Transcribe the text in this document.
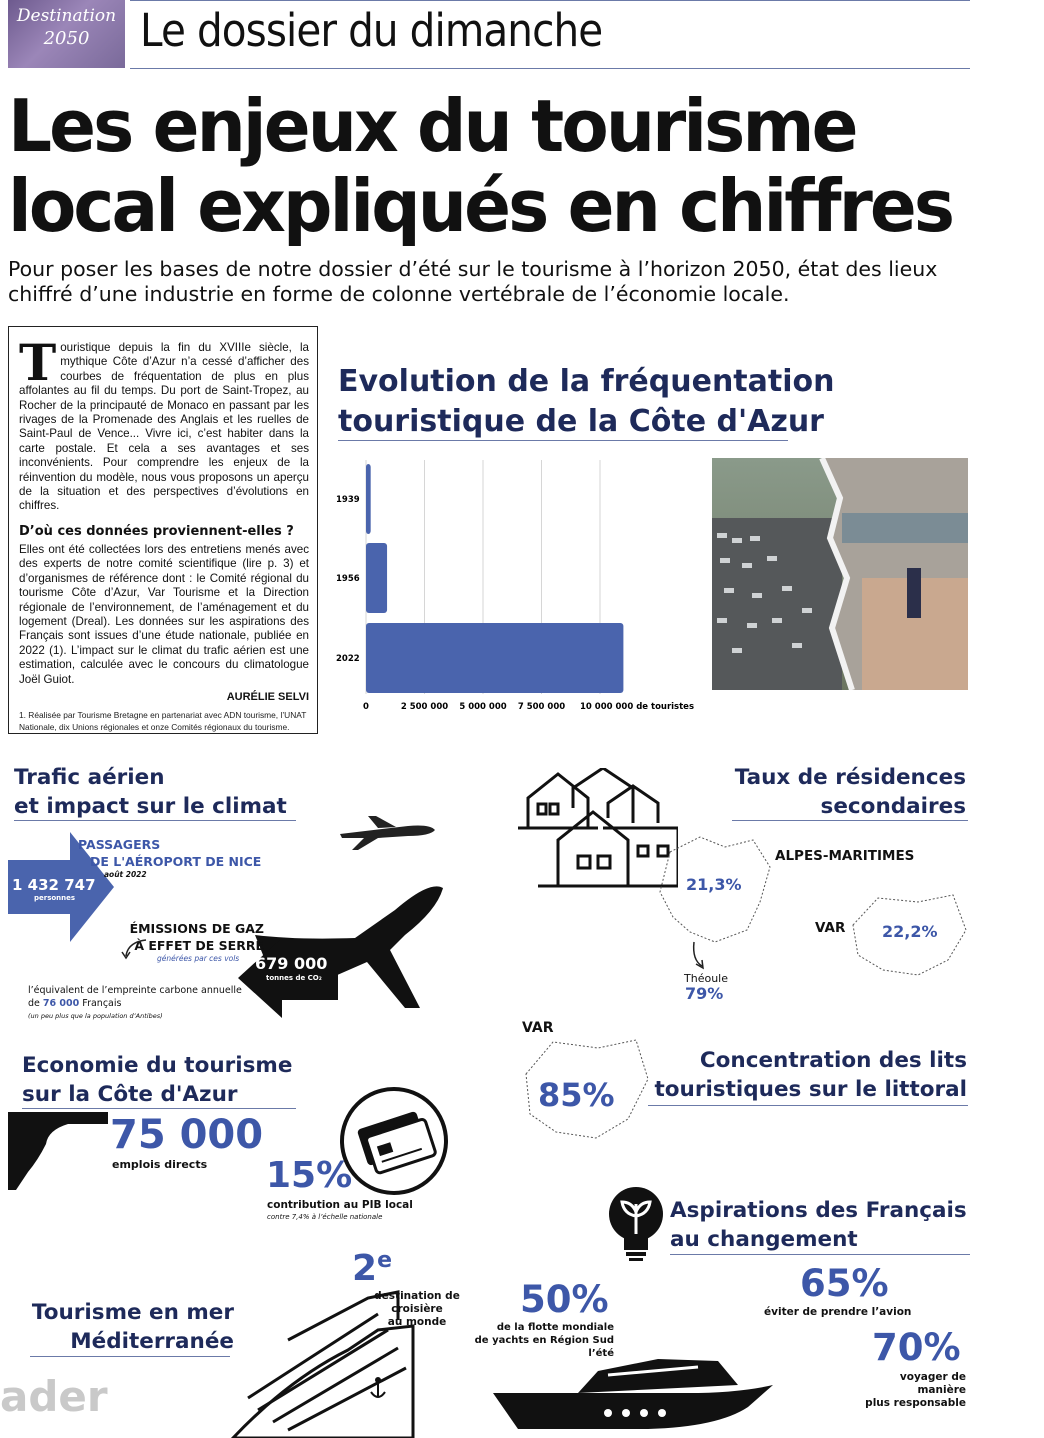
Destination
2050	Le dossier du dimanche
Les enjeux du tourisme
local expliqués en chiffres
Pour poser les bases de notre dossier d’été sur le tourisme à l’horizon 2050, état des lieux chiffré d’une industrie en forme de colonne vertébrale de l’économie locale.

Touristique depuis la fin du XVIIIe siècle, la mythique Côte d’Azur n’a cessé d’afficher des courbes de fréquentation de plus en plus affolantes au fil du temps. Du port de Saint-Tropez, au Rocher de la principauté de Monaco en passant par les rivages de la Promenade des Anglais et les ruelles de Saint-Paul de Vence... Vivre ici, c’est habiter dans la carte postale. Et cela a ses avantages et ses inconvénients. Pour comprendre les enjeux de la réinvention du modèle, nous vous proposons un aperçu de la situation et des perspectives d’évolutions en chiffres.

D’où ces données proviennent-elles ?

Elles ont été collectées lors des entretiens menés avec des experts de notre comité scientifique (lire p. 3) et d’organismes de référence dont : le Comité régional du tourisme Côte d’Azur, Var Tourisme et la Direction régionale de l’environnement, de l’aménagement et du logement (Dreal). Les données sur les aspirations des Français sont issues d’une étude nationale, publiée en 2022 (1). L’impact sur le climat du trafic aérien est une estimation, calculée avec le concours du climatologue Joël Guiot.

AURÉLIE SELVI
1. Réalisée par Tourisme Bretagne en partenariat avec ADN tourisme, l’UNAT Nationale, dix Unions régionales et onze Comités régionaux du tourisme.
Evolution de la fréquentation
touristique de la Côte d'Azur
0	2 500 000 5 000 000 7 500 000 10 000 000 de touristes
1939
1956
2022
Trafic aérien
et impact sur le climat
PASSAGERS
DE L'AÉROPORT DE NICE
août 2022
1 432 747
personnes
ÉMISSIONS DE GAZ
À EFFET DE SERRE
générées par ces vols 679 000
tonnes de CO₂
l’équivalent de l’empreinte carbone annuelle
de 76 000 Français
(un peu plus que la population d’Antibes)
Taux de résidences
secondaires
21,3%
ALPES-MARITIMES
VAR 22,2%
Théoule
79%
VAR
85%
Concentration des lits
touristiques sur le littoral
Economie du tourisme
sur la Côte d'Azur
75 000
emplois directs 15%
contribution au PIB local
contre 7,4% à l’échelle nationale	Aspirations des Français
au changement
65%
éviter de prendre l’avion
70%
voyager de manière
plus responsable
Tourisme en mer
Méditerranée
2e
destination de croisière
au monde
50%
de la flotte mondiale
de yachts en Région Sud l’été
ader
